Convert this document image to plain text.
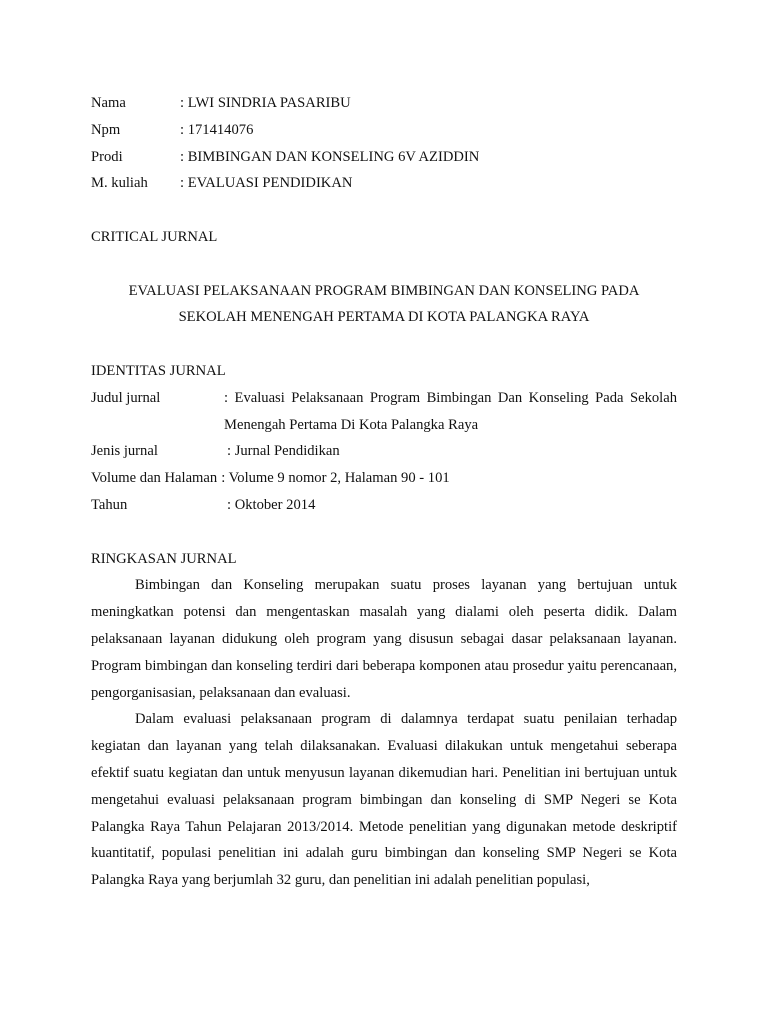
Nama	: LWI SINDRIA PASARIBU
Npm	: 171414076
Prodi	: BIMBINGAN DAN KONSELING 6V AZIDDIN
M. kuliah	: EVALUASI PENDIDIKAN

CRITICAL JURNAL

EVALUASI PELAKSANAAN PROGRAM BIMBINGAN DAN KONSELING PADA

SEKOLAH MENENGAH PERTAMA DI KOTA PALANGKA RAYA

IDENTITAS JURNAL

Judul jurnal	: Evaluasi Pelaksanaan Program Bimbingan Dan Konseling Pada Sekolah Menengah Pertama Di Kota Palangka Raya
Jenis jurnal	: Jurnal Pendidikan
Volume dan Halaman : Volume 9 nomor 2, Halaman 90 - 101
Tahun	: Oktober 2014

RINGKASAN JURNAL

Bimbingan dan Konseling merupakan suatu proses layanan yang bertujuan untuk meningkatkan potensi dan mengentaskan masalah yang dialami oleh peserta didik. Dalam pelaksanaan layanan didukung oleh program yang disusun sebagai dasar pelaksanaan layanan. Program bimbingan dan konseling terdiri dari beberapa komponen atau prosedur yaitu perencanaan, pengorganisasian, pelaksanaan dan evaluasi.

Dalam evaluasi pelaksanaan program di dalamnya terdapat suatu penilaian terhadap kegiatan dan layanan yang telah dilaksanakan. Evaluasi dilakukan untuk mengetahui seberapa efektif suatu kegiatan dan untuk menyusun layanan dikemudian hari. Penelitian ini bertujuan untuk mengetahui evaluasi pelaksanaan program bimbingan dan konseling di SMP Negeri se Kota Palangka Raya Tahun Pelajaran 2013/2014. Metode penelitian yang digunakan metode deskriptif kuantitatif, populasi penelitian ini adalah guru bimbingan dan konseling SMP Negeri se Kota Palangka Raya yang berjumlah 32 guru, dan penelitian ini adalah penelitian populasi,
